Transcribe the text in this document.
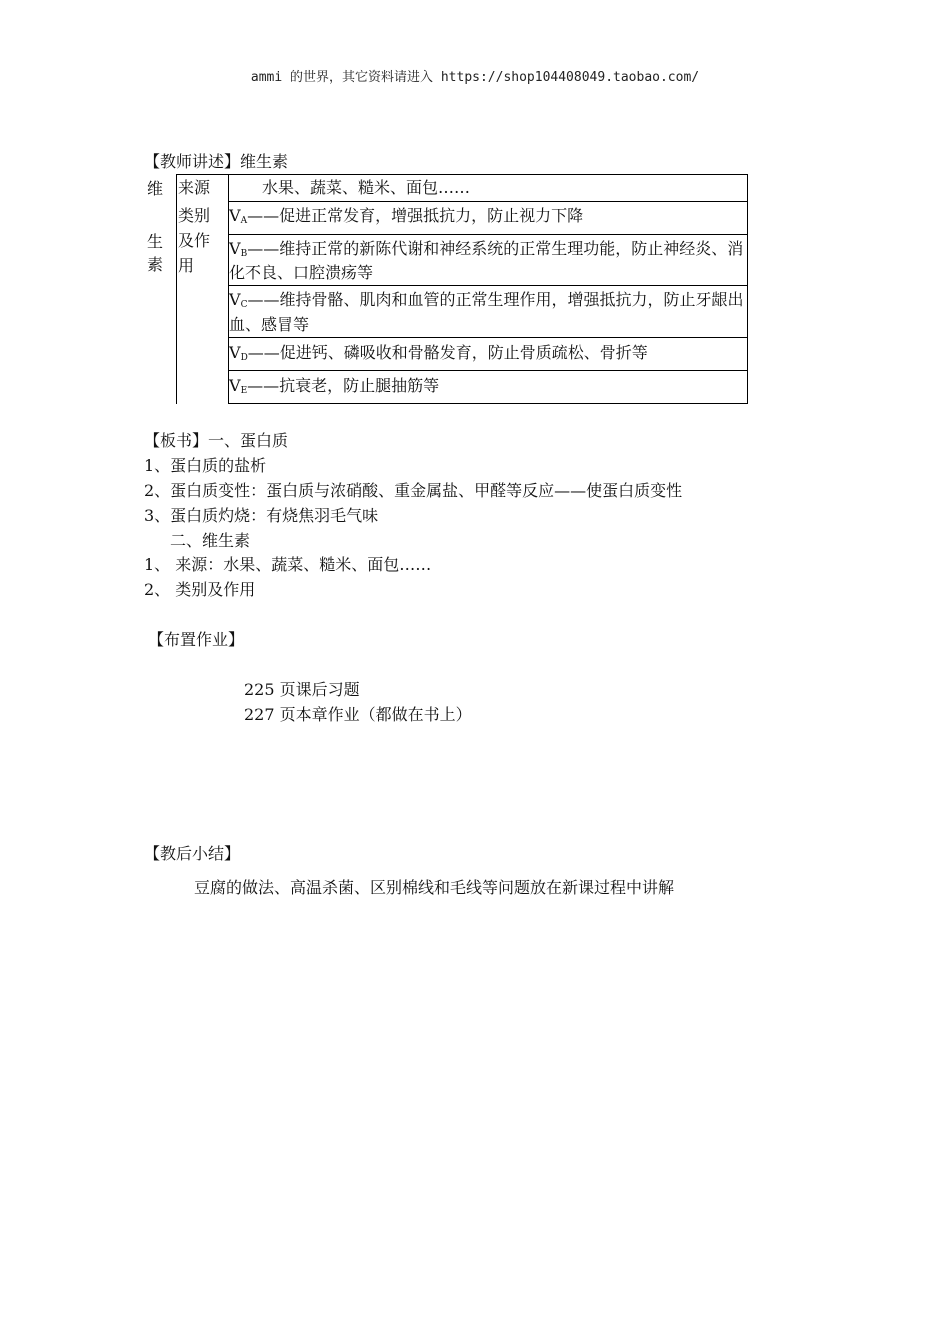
ammi 的世界，其它资料请进入 https://shop104408049.taobao.com/
【教师讲述】维生素
维
生
素
来源	水果、蔬菜、糙米、面包……
类别
及作
用
$V_A——$促进正常发育，增强抵抗力，防止视力下降
$V_B——$维持正常的新陈代谢和神经系统的正常生理功能，防止神经炎、消
化不良、口腔溃疡等
$V_C——$维持骨骼、肌肉和血管的正常生理作用，增强抵抗力，防止牙龈出
血、感冒等
$V_D——$促进钙、磷吸收和骨骼发育，防止骨质疏松、骨折等
$V_E——$抗衰老，防止腿抽筋等
【板书】一、蛋白质
1、蛋白质的盐析
2、蛋白质变性：蛋白质与浓硝酸、重金属盐、甲醛等反应——使蛋白质变性
3、蛋白质灼烧：有烧焦羽毛气味
二、维生素
1、 来源：水果、蔬菜、糙米、面包……
2、 类别及作用
【布置作业】
225 页课后习题
227 页本章作业（都做在书上）
【教后小结】
豆腐的做法、高温杀菌、区别棉线和毛线等问题放在新课过程中讲解
